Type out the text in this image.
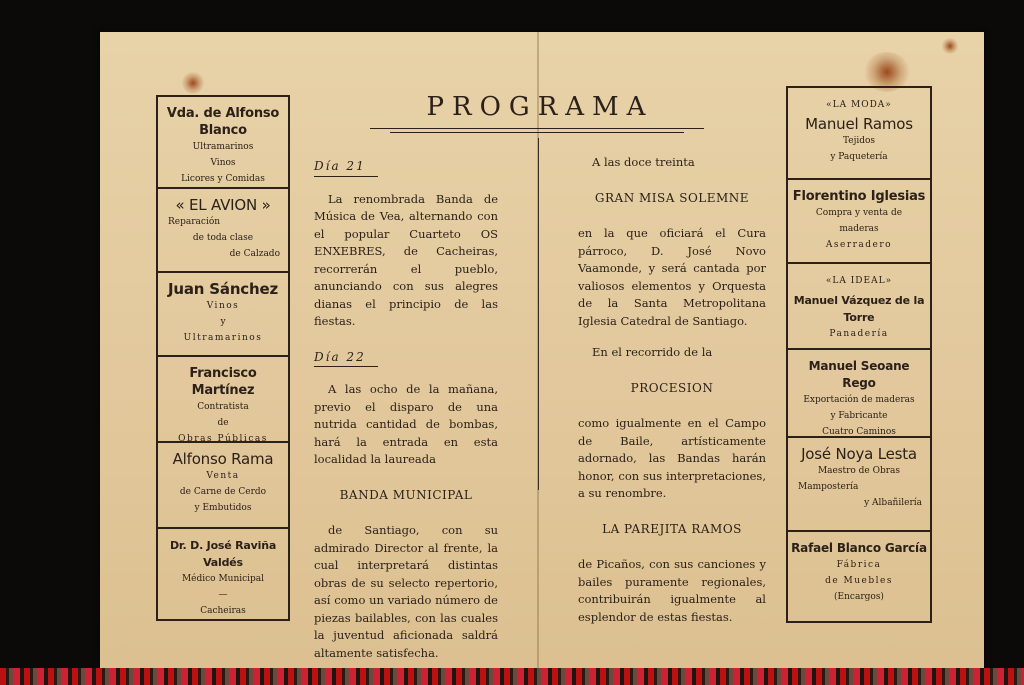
Vda. de Alfonso Blanco
Ultramarinos
Vinos
Licores y Comidas
« EL AVION »
Reparación
de toda clase
de Calzado
Juan Sánchez
Vinos
y
Ultramarinos
Francisco Martínez
Contratista
de
Obras Públicas
Alfonso Rama
Venta
de Carne de Cerdo
y Embutidos
Dr. D. José Raviña Valdés
Médico Municipal
—
Cacheiras
PROGRAMA
Día 21

La renombrada Banda de Música de Vea, alternando con el popular Cuarteto OS ENXEBRES, de Cacheiras, recorrerán el pueblo, anunciando con sus alegres dianas el principio de las fiestas.

Día 22

A las ocho de la mañana, previo el disparo de una nutrida cantidad de bombas, hará la entrada en esta localidad la laureada

BANDA MUNICIPAL

de Santiago, con su admirado Director al frente, la cual interpretará distintas obras de su selecto repertorio, así como un variado número de piezas bailables, con las cuales la juventud aficionada saldrá altamente satisfecha.

A las doce treinta

GRAN MISA SOLEMNE

en la que oficiará el Cura párroco, D. José Novo Vaamonde, y será cantada por valiosos elementos y Orquesta de la Santa Metropolitana Iglesia Catedral de Santiago.

En el recorrido de la

PROCESION

como igualmente en el Campo de Baile, artísticamente adornado, las Bandas harán honor, con sus interpretaciones, a su renombre.

LA PAREJITA RAMOS

de Picaños, con sus canciones y bailes puramente regionales, contribuirán igualmente al esplendor de estas fiestas.

«LA MODA»
Manuel Ramos
Tejidos
y Paquetería
Florentino Iglesias
Compra y venta de
maderas
Aserradero
«LA IDEAL»
Manuel Vázquez de la Torre
Panadería
Manuel Seoane Rego
Exportación de maderas
y Fabricante
Cuatro Caminos
José Noya Lesta
Maestro de Obras
Mampostería
y Albañilería
Rafael Blanco García
Fábrica
de Muebles
(Encargos)
